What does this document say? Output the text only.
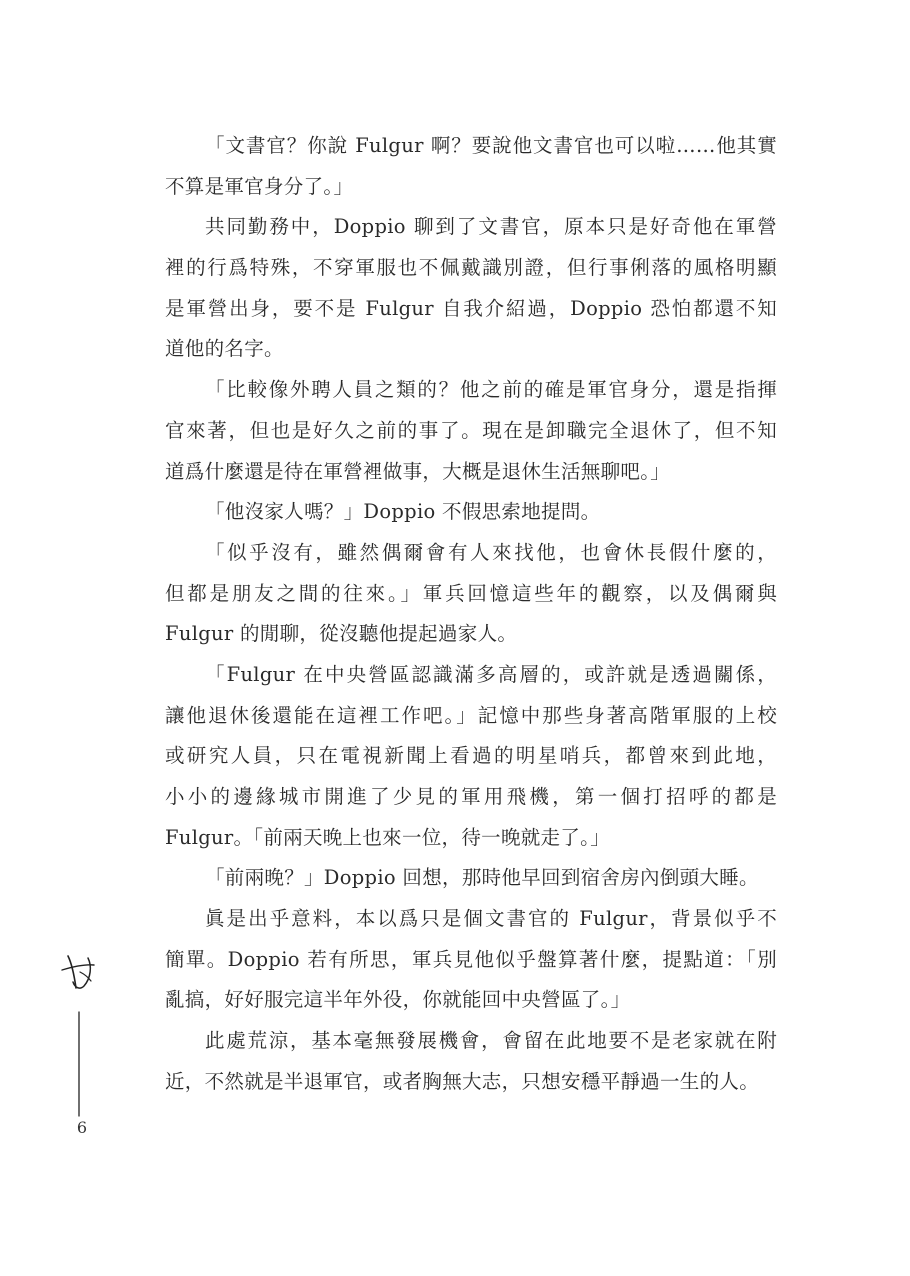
「文書官？你說 Fulgur 啊？要說他文書官也可以啦……他其實
不算是軍官身分了。」
共同勤務中，Doppio 聊到了文書官，原本只是好奇他在軍營
裡的行爲特殊，不穿軍服也不佩戴識別證，但行事俐落的風格明顯
是軍營出身，要不是 Fulgur 自我介紹過，Doppio 恐怕都還不知
道他的名字。
「比較像外聘人員之類的？他之前的確是軍官身分，還是指揮
官來著，但也是好久之前的事了。現在是卸職完全退休了，但不知
道爲什麼還是待在軍營裡做事，大概是退休生活無聊吧。」
「他沒家人嗎？」Doppio 不假思索地提問。
「似乎沒有，雖然偶爾會有人來找他，也會休長假什麼的，
但都是朋友之間的往來。」軍兵回憶這些年的觀察，以及偶爾與
Fulgur 的閒聊，從沒聽他提起過家人。
「Fulgur 在中央營區認識滿多高層的，或許就是透過關係，
讓他退休後還能在這裡工作吧。」記憶中那些身著高階軍服的上校
或研究人員，只在電視新聞上看過的明星哨兵，都曾來到此地，
小小的邊緣城市開進了少見的軍用飛機，第一個打招呼的都是
Fulgur。「前兩天晚上也來一位，待一晚就走了。」
「前兩晚？」Doppio 回想，那時他早回到宿舍房內倒頭大睡。
眞是出乎意料，本以爲只是個文書官的 Fulgur，背景似乎不
簡單。Doppio 若有所思，軍兵見他似乎盤算著什麼，提點道：「別
亂搞，好好服完這半年外役，你就能回中央營區了。」
此處荒涼，基本毫無發展機會，會留在此地要不是老家就在附
近，不然就是半退軍官，或者胸無大志，只想安穩平靜過一生的人。
6
